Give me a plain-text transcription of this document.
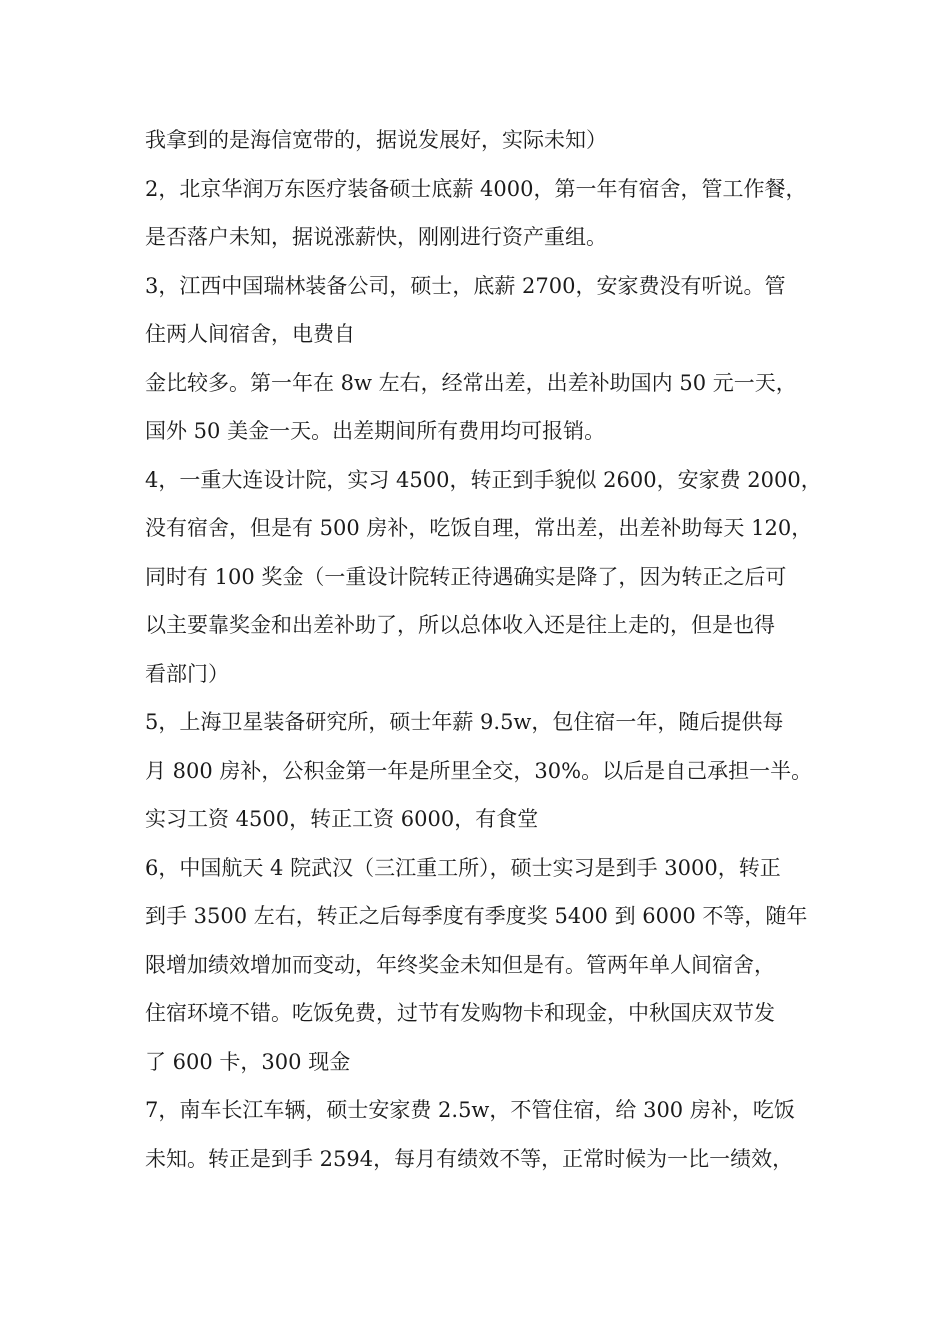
我拿到的是海信宽带的，据说发展好，实际未知）
2，北京华润万东医疗装备硕士底薪 4000，第一年有宿舍，管工作餐，
是否落户未知，据说涨薪快，刚刚进行资产重组。
3，江西中国瑞林装备公司，硕士，底薪 2700，安家费没有听说。管
住两人间宿舍，电费自
金比较多。第一年在 8w 左右，经常出差，出差补助国内 50 元一天，
国外 50 美金一天。出差期间所有费用均可报销。
4，一重大连设计院，实习 4500，转正到手貌似 2600，安家费 2000，
没有宿舍，但是有 500 房补，吃饭自理，常出差，出差补助每天 120，
同时有 100 奖金（一重设计院转正待遇确实是降了，因为转正之后可
以主要靠奖金和出差补助了，所以总体收入还是往上走的，但是也得
看部门）
5，上海卫星装备研究所，硕士年薪 9.5w，包住宿一年，随后提供每
月 800 房补，公积金第一年是所里全交，30%。以后是自己承担一半。
实习工资 4500，转正工资 6000，有食堂
6，中国航天 4 院武汉（三江重工所），硕士实习是到手 3000，转正
到手 3500 左右，转正之后每季度有季度奖 5400 到 6000 不等，随年
限增加绩效增加而变动，年终奖金未知但是有。管两年单人间宿舍，
住宿环境不错。吃饭免费，过节有发购物卡和现金，中秋国庆双节发
了 600 卡，300 现金
7，南车长江车辆，硕士安家费 2.5w，不管住宿，给 300 房补，吃饭
未知。转正是到手 2594，每月有绩效不等，正常时候为一比一绩效，
